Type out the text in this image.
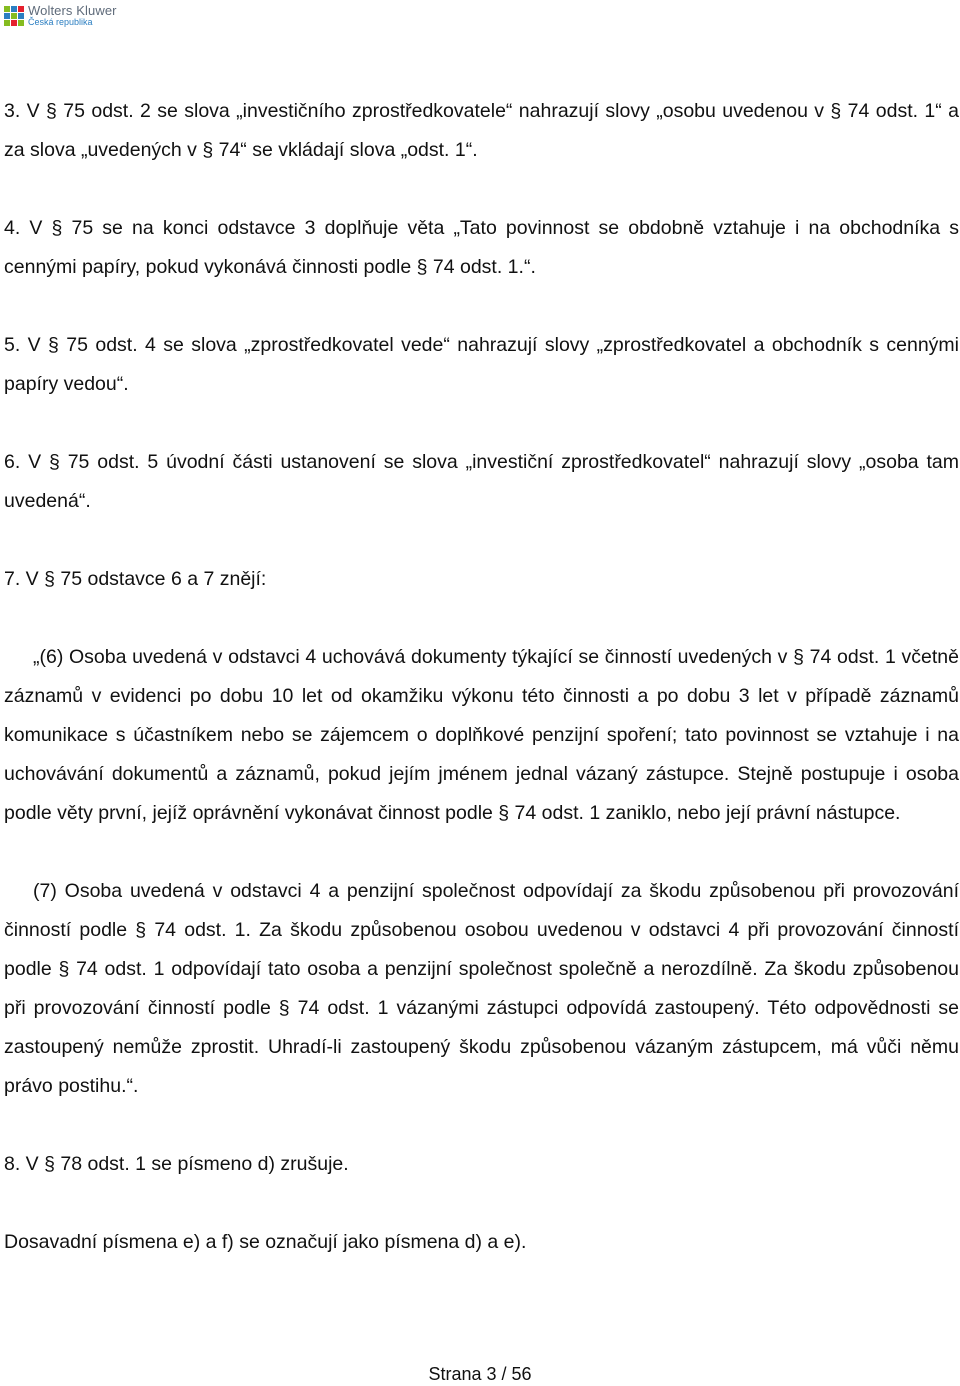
Wolters Kluwer
Česká republika

3. V § 75 odst. 2 se slova „investičního zprostředkovatele“ nahrazují slovy „osobu uvedenou v § 74 odst. 1“ a za slova „uvedených v § 74“ se vkládají slova „odst. 1“.

4. V § 75 se na konci odstavce 3 doplňuje věta „Tato povinnost se obdobně vztahuje i na obchodníka s cennými papíry, pokud vykonává činnosti podle § 74 odst. 1.“.

5. V § 75 odst. 4 se slova „zprostředkovatel vede“ nahrazují slovy „zprostředkovatel a obchodník s cennými papíry vedou“.

6. V § 75 odst. 5 úvodní části ustanovení se slova „investiční zprostředkovatel“ nahrazují slovy „osoba tam uvedená“.

7. V § 75 odstavce 6 a 7 znějí:

„(6) Osoba uvedená v odstavci 4 uchovává dokumenty týkající se činností uvedených v § 74 odst. 1 včetně záznamů v evidenci po dobu 10 let od okamžiku výkonu této činnosti a po dobu 3 let v případě záznamů komunikace s účastníkem nebo se zájemcem o doplňkové penzijní spoření; tato povinnost se vztahuje i na uchovávání dokumentů a záznamů, pokud jejím jménem jednal vázaný zástupce. Stejně postupuje i osoba podle věty první, jejíž oprávnění vykonávat činnost podle § 74 odst. 1 zaniklo, nebo její právní nástupce.

(7) Osoba uvedená v odstavci 4 a penzijní společnost odpovídají za škodu způsobenou při provozování činností podle § 74 odst. 1. Za škodu způsobenou osobou uvedenou v odstavci 4 při provozování činností podle § 74 odst. 1 odpovídají tato osoba a penzijní společnost společně a nerozdílně. Za škodu způsobenou při provozování činností podle § 74 odst. 1 vázanými zástupci odpovídá zastoupený. Této odpovědnosti se zastoupený nemůže zprostit. Uhradí-li zastoupený škodu způsobenou vázaným zástupcem, má vůči němu právo postihu.“.

8. V § 78 odst. 1 se písmeno d) zrušuje.

Dosavadní písmena e) a f) se označují jako písmena d) a e).

Strana 3 / 56
